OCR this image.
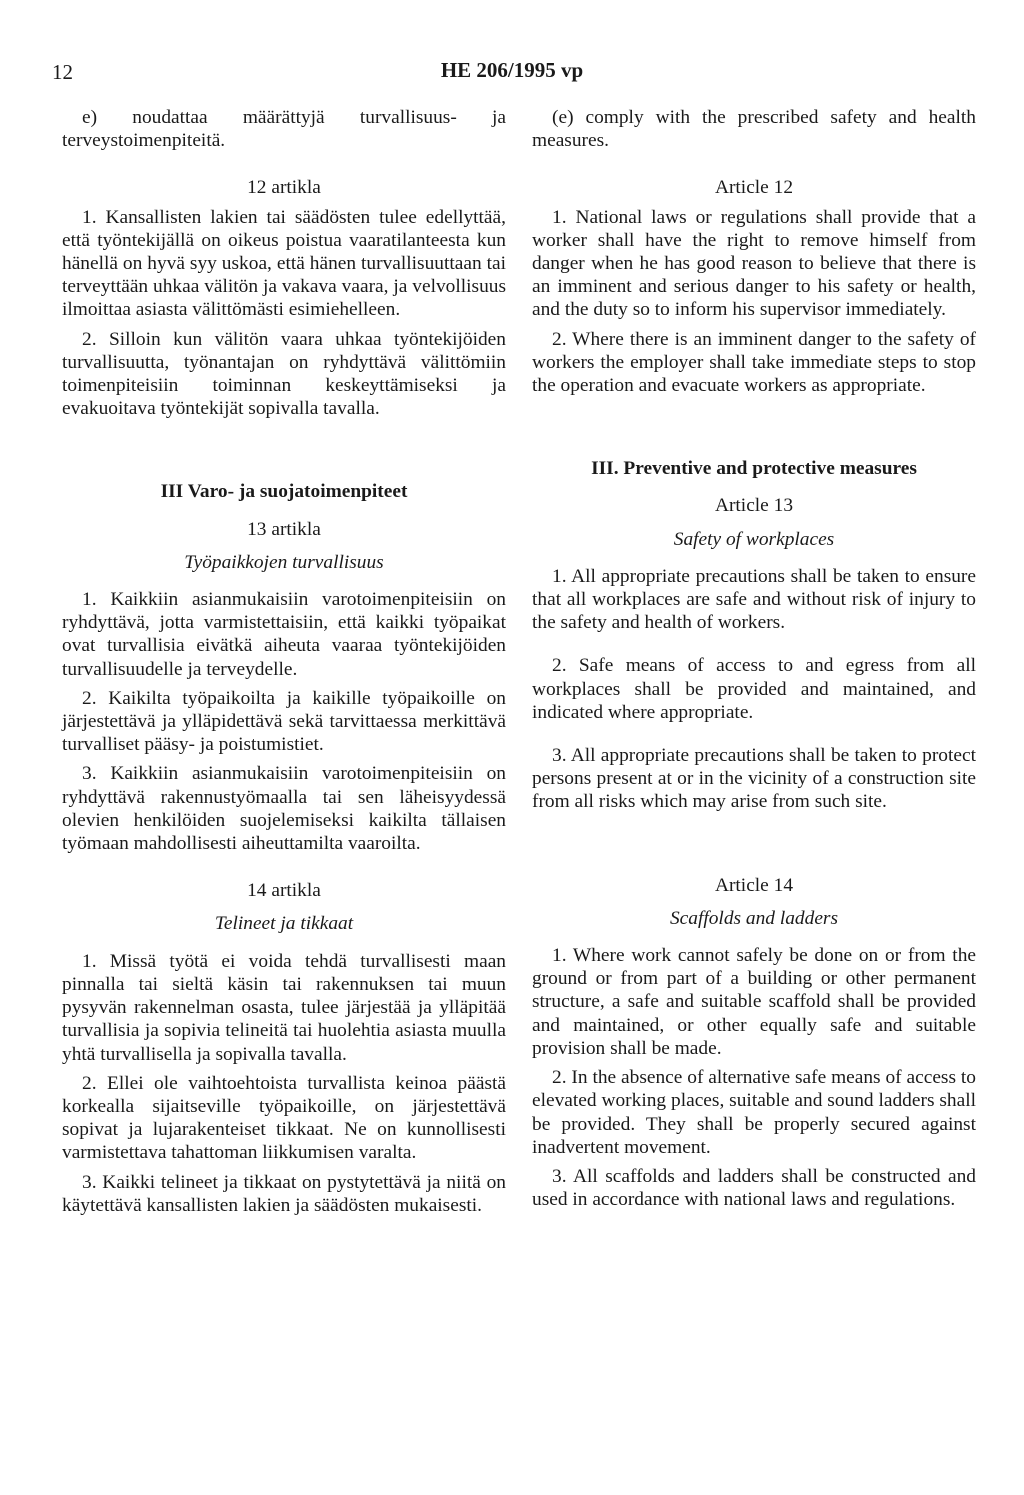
12	HE 206/1995 vp

e) noudattaa määrättyjä turvallisuus- ja terveystoimenpiteitä.

12 artikla

1. Kansallisten lakien tai säädösten tulee edellyttää, että työntekijällä on oikeus poistua vaaratilanteesta kun hänellä on hyvä syy uskoa, että hänen turvallisuuttaan tai terveyttään uhkaa välitön ja vakava vaara, ja velvollisuus ilmoittaa asiasta välittömästi esimiehelleen.

2. Silloin kun välitön vaara uhkaa työntekijöiden turvallisuutta, työnantajan on ryhdyttävä välittömiin toimenpiteisiin toiminnan keskeyttämiseksi ja evakuoitava työntekijät sopivalla tavalla.

III Varo- ja suojatoimenpiteet

13 artikla

Työpaikkojen turvallisuus

1. Kaikkiin asianmukaisiin varotoimenpiteisiin on ryhdyttävä, jotta varmistettaisiin, että kaikki työpaikat ovat turvallisia eivätkä aiheuta vaaraa työntekijöiden turvallisuudelle ja terveydelle.

2. Kaikilta työpaikoilta ja kaikille työpaikoille on järjestettävä ja ylläpidettävä sekä tarvittaessa merkittävä turvalliset pääsy- ja poistumistiet.

3. Kaikkiin asianmukaisiin varotoimenpiteisiin on ryhdyttävä rakennustyömaalla tai sen läheisyydessä olevien henkilöiden suojelemiseksi kaikilta tällaisen työmaan mahdollisesti aiheuttamilta vaaroilta.

14 artikla

Telineet ja tikkaat

1. Missä työtä ei voida tehdä turvallisesti maan pinnalla tai sieltä käsin tai rakennuksen tai muun pysyvän rakennelman osasta, tulee järjestää ja ylläpitää turvallisia ja sopivia telineitä tai huolehtia asiasta muulla yhtä turvallisella ja sopivalla tavalla.

2. Ellei ole vaihtoehtoista turvallista keinoa päästä korkealla sijaitseville työpaikoille, on järjestettävä sopivat ja lujarakenteiset tikkaat. Ne on kunnollisesti varmistettava tahattoman liikkumisen varalta.

3. Kaikki telineet ja tikkaat on pystytettävä ja niitä on käytettävä kansallisten lakien ja säädösten mukaisesti.

(e) comply with the prescribed safety and health measures.

Article 12

1. National laws or regulations shall provide that a worker shall have the right to remove himself from danger when he has good reason to believe that there is an imminent and serious danger to his safety or health, and the duty so to inform his supervisor immediately.

2. Where there is an imminent danger to the safety of workers the employer shall take immediate steps to stop the operation and evacuate workers as appropriate.

III. Preventive and protective measures

Article 13

Safety of workplaces

1. All appropriate precautions shall be taken to ensure that all workplaces are safe and without risk of injury to the safety and health of workers.

2. Safe means of access to and egress from all workplaces shall be provided and maintained, and indicated where appropriate.

3. All appropriate precautions shall be taken to protect persons present at or in the vicinity of a construction site from all risks which may arise from such site.

Article 14

Scaffolds and ladders

1. Where work cannot safely be done on or from the ground or from part of a building or other permanent structure, a safe and suitable scaffold shall be provided and maintained, or other equally safe and suitable provision shall be made.

2. In the absence of alternative safe means of access to elevated working places, suitable and sound ladders shall be provided. They shall be properly secured against inadvertent movement.

3. All scaffolds and ladders shall be constructed and used in accordance with national laws and regulations.
